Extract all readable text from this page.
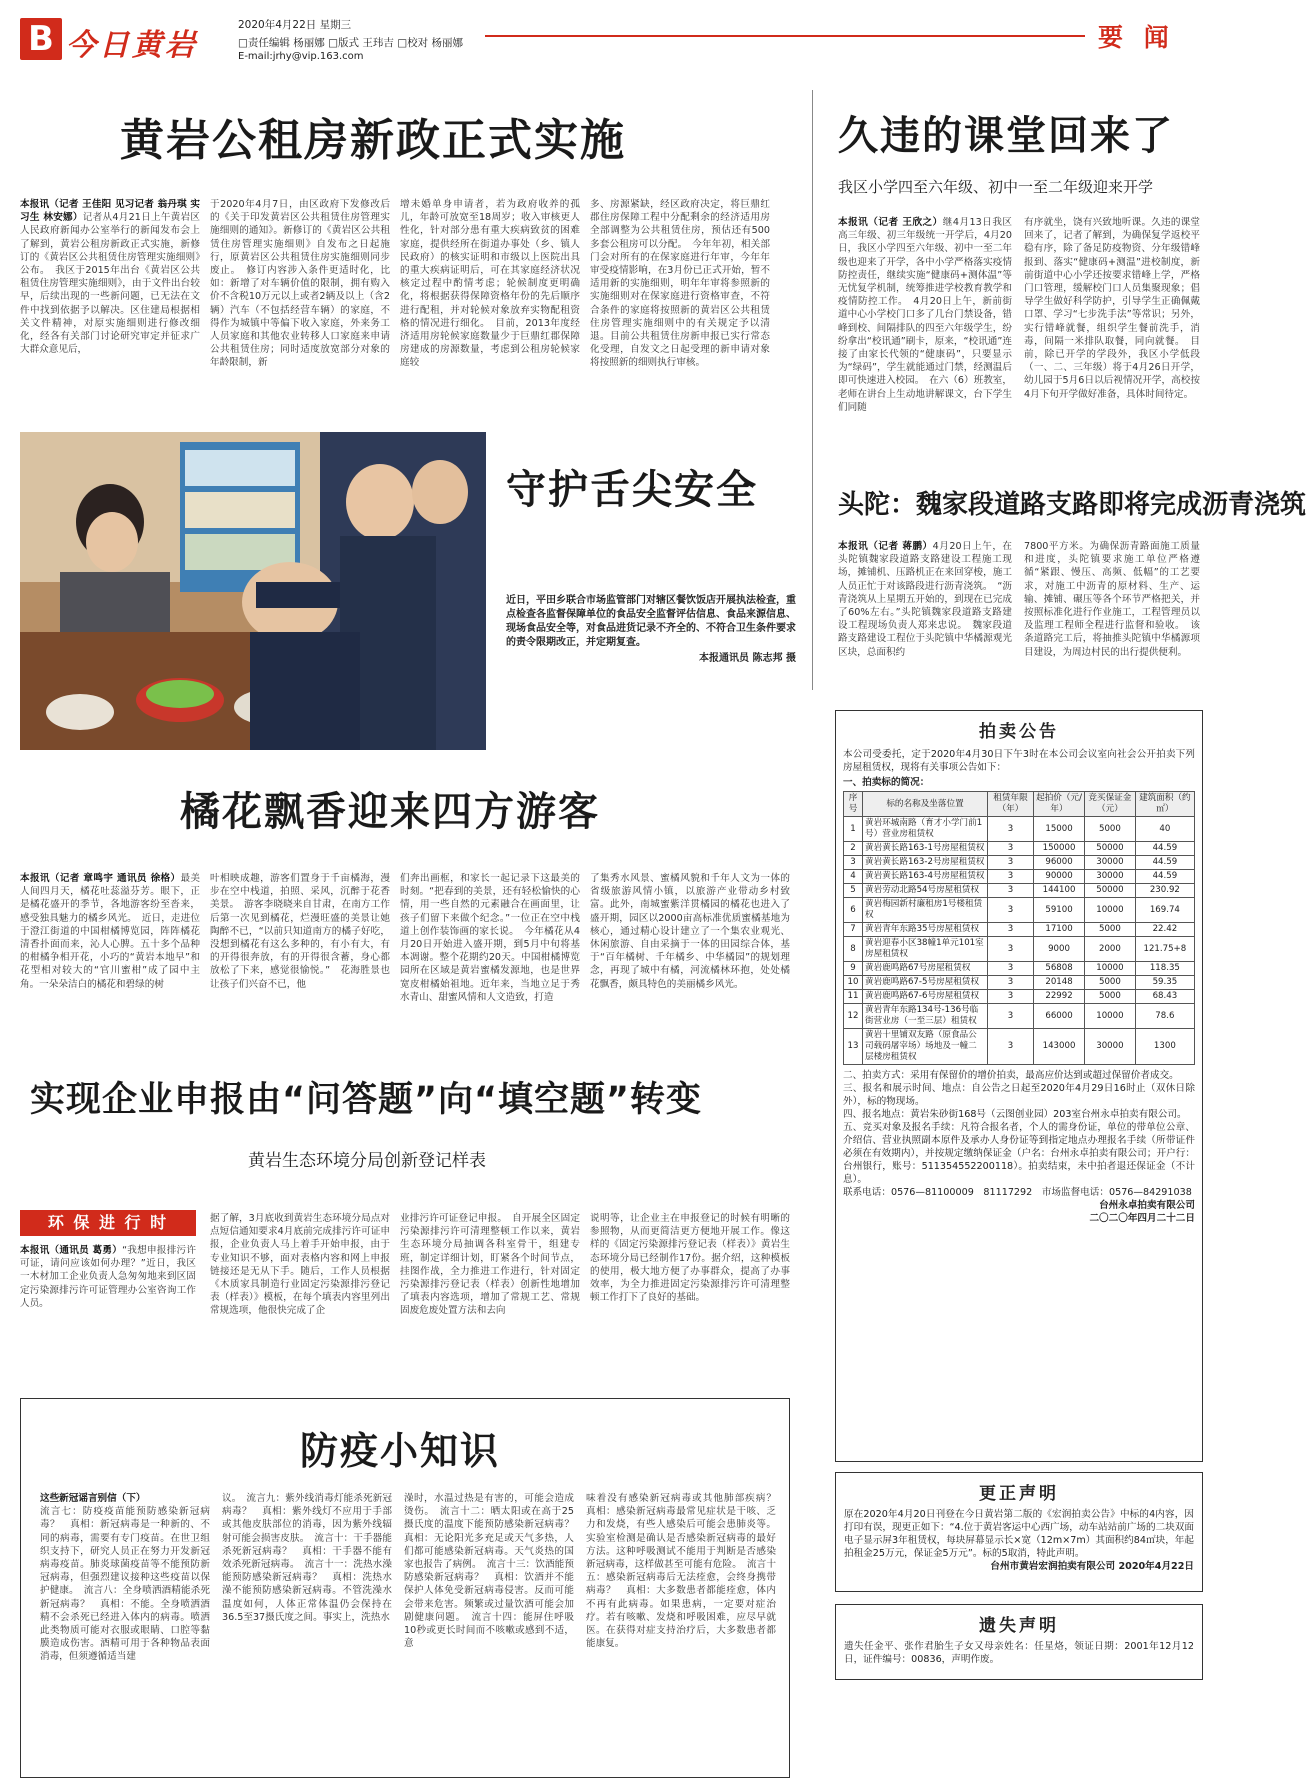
B 今日黄岩
2020年4月22日 星期三
□责任编辑 杨丽娜 □版式 王玮吉 □校对 杨丽娜
E-mail:jrhy@vip.163.com
要 闻
黄岩公租房新政正式实施
本报讯（记者 王佳阳 见习记者 翁丹琪 实习生 林安娜）记者从4月21日上午黄岩区人民政府新闻办公室举行的新闻发布会上了解到，黄岩公租房新政正式实施，新修订的《黄岩区公共租赁住房管理实施细则》公布。　我区于2015年出台《黄岩区公共租赁住房管理实施细则》，由于文件出台较早，后续出现的一些新问题，已无法在文件中找到依据予以解决。区住建局根据相关文件精神，对原实施细则进行修改细化，经各有关部门讨论研究审定并征求广大群众意见后，
于2020年4月7日，由区政府下发修改后的《关于印发黄岩区公共租赁住房管理实施细则的通知》。新修订的《黄岩区公共租赁住房管理实施细则》自发布之日起施行，原黄岩区公共租赁住房实施细则同步废止。　修订内容涉入条件更适时化，比如：新增了对车辆价值的限制，拥有购入价不含税10万元以上或者2辆及以上（含2辆）汽车（不包括经营车辆）的家庭，不得作为城镇中等偏下收入家庭，外来务工人员家庭和其他农业转移人口家庭来申请公共租赁住房；同时适度放宽部分对象的年龄限制，新
增未婚单身申请者，若为政府收养的孤儿，年龄可放宽至18周岁；收入审核更人性化，针对部分患有重大疾病致贫的困难家庭，提供经所在街道办事处（乡、镇人民政府）的核实证明和市级以上医院出具的重大疾病证明后，可在其家庭经济状况核定过程中酌情考虑；轮候制度更明确化，将根据获得保障资格年份的先后顺序进行配租，并对轮候对象放弃实物配租资格的情况进行细化。　目前，2013年度经济适用房轮候家庭数量少于巨鼎红郡保障房建成的房源数量，考虑到公租房轮候家庭较
多、房源紧缺，经区政府决定，将巨鼎红郡住房保障工程中分配剩余的经济适用房全部调整为公共租赁住房，预估还有500多套公租房可以分配。　今年年初，相关部门会对所有的在保家庭进行年审，今年年审受疫情影响，在3月份已正式开始，暂不适用新的实施细则，明年年审将参照新的实施细则对在保家庭进行资格审查，不符合条件的家庭将按照新的黄岩区公共租赁住房管理实施细则中的有关规定予以清退。目前公共租赁住房新申报已实行常态化受理，自发文之日起受理的新申请对象将按照新的细则执行审核。
久违的课堂回来了
我区小学四至六年级、初中一至二年级迎来开学
本报讯（记者 王欣之）继4月13日我区高三年级、初三年级统一开学后，4月20日，我区小学四至六年级、初中一至二年级也迎来了开学，各中小学严格落实疫情防控责任，继续实施“健康码+测体温”等无忧复学机制，统筹推进学校教育教学和疫情防控工作。　4月20日上午，新前街道中心小学校门口多了几台门禁设备，错峰到校、间隔排队的四至六年级学生，纷纷拿出“校讯通”刷卡，原来，“校讯通”连接了由家长代领的“健康码”，只要显示为“绿码”，学生就能通过门禁，经测温后即可快速进入校园。　在六（6）班教室，老师在讲台上生动地讲解课文，台下学生们同随
有序就坐，饶有兴致地听课。久违的课堂回来了，记者了解到，为确保复学返校平稳有序，除了备足防疫物资、分年级错峰报到、落实“健康码+测温”进校制度，新前街道中心小学还按要求错峰上学，严格门口管理，缓解校门口人员集聚现象；倡导学生做好科学防护，引导学生正确佩戴口罩、学习“七步洗手法”等常识；另外，实行错峰就餐，组织学生餐前洗手，消毒，间隔一米排队取餐，同向就餐。　目前，除已开学的学段外，我区小学低段（一、二、三年级）将于4月26日开学，幼儿园于5月6日以后视情况开学，高校按4月下旬开学做好准备，具体时间待定。
守护舌尖安全
近日，平田乡联合市场监管部门对辖区餐饮饭店开展执法检查，重点检查各监督保障单位的食品安全监督评估信息、食品来源信息、现场食品安全等，对食品进货记录不齐全的、不符合卫生条件要求的责令限期改正，并定期复查。
本报通讯员 陈志邦 摄
头陀：魏家段道路支路即将完成沥青浇筑
本报讯（记者 蒋鹏）4月20日上午，在头陀镇魏家段道路支路建设工程施工现场，摊铺机、压路机正在来回穿梭，施工人员正忙于对该路段进行沥青浇筑。　“沥青浇筑从上星期五开始的，到现在已完成了60%左右。”头陀镇魏家段道路支路建设工程现场负责人郑来忠说。　魏家段道路支路建设工程位于头陀镇中华橘源观光区块，总面积约
7800平方米。为确保沥青路面施工质量和进度，头陀镇要求施工单位严格遵循“紧跟、慢压、高频、低幅”的工艺要求，对施工中沥青的原材料、生产、运输、摊铺、碾压等各个环节严格把关，并按照标准化进行作业施工，工程管理员以及监理工程师全程进行监督和验收。　该条道路完工后，将抽推头陀镇中华橘源项目建设，为周边村民的出行提供便利。
橘花飘香迎来四方游客
本报讯（记者 章鸣宇 通讯员 徐格）最美人间四月天，橘花吐蕊溢芬芳。眼下，正是橘花盛开的季节，各地游客纷至沓来，感受独具魅力的橘乡风光。　近日，走进位于澄江街道的中国柑橘博览园，阵阵橘花清香扑面而来，沁人心脾。五十多个品种的柑橘争相开花，小巧的“黄岩本地早”和花型相对较大的“官川蜜柑”成了园中主角。一朵朵洁白的橘花和碧绿的树
叶相映成趣，游客们置身于千亩橘海，漫步在空中栈道，拍照、采风，沉醉于花香美景。　游客李晓晓来自甘肃，在南方工作后第一次见到橘花，烂漫旺盛的美景让她陶醉不已，“以前只知道南方的橘子好吃，没想到橘花有这么多种的，有小有大，有的开得很奔放，有的开得很含蓄，身心都放松了下来，感觉很愉悦。”　花海胜景也让孩子们兴奋不已，他
们奔出画框，和家长一起记录下这最美的时刻。“把春到的美景，还有轻松愉快的心情，用一些自然的元素融合在画面里，让孩子们留下来做个纪念。”一位正在空中栈道上创作装饰画的家长说。　今年橘花从4月20日开始进入盛开期，到5月中旬将基本凋谢。整个花期约20天。中国柑橘博览园所在区域是黄岩蜜橘发源地，也是世界宽皮柑橘始祖地。近年来，当地立足于秀水青山、甜蜜风情和人文造致，打造
了集秀水风景、蜜橘风貌和千年人文为一体的省级旅游风情小镇，以旅游产业带动乡村致富。此外，南城蜜紫洋贯橘园的橘花也进入了盛开期，园区以2000亩高标准优质蜜橘基地为核心，通过精心设计建立了一个集农业观光、休闲旅游、自由采摘于一体的田园综合体，基于“百年橘树、千年橘乡、中华橘园”的规划理念，再现了城中有橘，河流橘林环抱，处处橘花飘香，颇具特色的美丽橘乡风光。
实现企业申报由“问答题”向“填空题”转变
黄岩生态环境分局创新登记样表
环 保 进 行 时
本报讯（通讯员 葛勇）“我想申报排污许可证，请问应该如何办理？”近日，我区一木材加工企业负责人急匆匆地来到区固定污染源排污许可证管理办公室咨询工作人员。
据了解，3月底收到黄岩生态环境分局点对点短信通知要求4月底前完成排污许可证申报，企业负责人马上着手开始申报，由于专业知识不够，面对表格内容和网上申报链接还是无从下手。随后，工作人员根据《木质家具制造行业固定污染源排污登记表（样表）》模板，在每个填表内容里列出常规选项，他很快完成了企
业排污许可证登记申报。　自开展全区固定污染源排污许可清理整顿工作以来，黄岩生态环境分局抽调各科室骨干，组建专班，制定详细计划，盯紧各个时间节点，挂图作战，全力推进工作进行，针对固定污染源排污登记表（样表）创新性地增加了填表内容选项，增加了常规工艺、常规固废危废处置方法和去向
说明等，让企业主在申报登记的时候有明晰的参照物，从而更简洁更方便地开展工作。像这样的《固定污染源排污登记表（样表）》黄岩生态环境分局已经制作17份。据介绍，这种模板的使用，极大地方便了办事群众，提高了办事效率，为全力推进固定污染源排污许可清理整顿工作打下了良好的基础。
防疫小知识
这些新冠谣言别信（下）
流言七：防疫疫苗能预防感染新冠病毒？　真相：新冠病毒是一种新的、不同的病毒，需要有专门疫苗。在世卫组织支持下，研究人员正在努力开发新冠病毒疫苗。肺炎球菌疫苗等不能预防新冠病毒，但强烈建议接种这些疫苗以保护健康。　流言八：全身喷洒酒精能杀死新冠病毒？　真相：不能。全身喷洒酒精不会杀死已经进入体内的病毒。喷洒此类物质可能对衣服或眼睛、口腔等黏膜造成伤害。酒精可用于各种物品表面消毒，但须遵循适当建
议。　流言九：紫外线消毒灯能杀死新冠病毒？　真相：紫外线灯不应用于手部或其他皮肤部位的消毒，因为紫外线辐射可能会损害皮肤。　流言十：干手器能杀死新冠病毒？　真相：干手器不能有效杀死新冠病毒。　流言十一：洗热水澡能预防感染新冠病毒？　真相：洗热水澡不能预防感染新冠病毒。不管洗澡水温度如何，人体正常体温仍会保持在36.5至37摄氏度之间。事实上，洗热水
澡时，水温过热是有害的，可能会造成烫伤。　流言十二：晒太阳或在高于25摄氏度的温度下能预防感染新冠病毒？　真相：无论阳光多充足或天气多热，人们都可能感染新冠病毒。天气炎热的国家也报告了病例。　流言十三：饮酒能预防感染新冠病毒？　真相：饮酒并不能保护人体免受新冠病毒侵害。反而可能会带来危害。频繁或过量饮酒可能会加剧健康问题。　流言十四：能屏住呼吸10秒或更长时间而不咳嗽或感到不适，意
味着没有感染新冠病毒或其他肺部疾病？　真相：感染新冠病毒最常见症状是干咳、乏力和发烧，有些人感染后可能会患肺炎等。实验室检测是确认是否感染新冠病毒的最好方法。这种呼吸测试不能用于判断是否感染新冠病毒，这样做甚至可能有危险。　流言十五：感染新冠病毒后无法痊愈，会终身携带病毒？　真相：大多数患者都能痊愈，体内不再有此病毒。如果患病，一定要对症治疗。若有咳嗽、发烧和呼吸困难，应尽早就医。在获得对症支持治疗后，大多数患者都能康复。
拍卖公告
本公司受委托，定于2020年4月30日下午3时在本公司会议室向社会公开拍卖下列房屋租赁权，现将有关事项公告如下：
一、拍卖标的简况：
序号	标的名称及坐落位置	租赁年限（年）	起拍价（元/年）	竞买保证金（元）	建筑面积（约㎡）
1	黄岩环城南路（育才小学门前1号）营业房租赁权	3	15000	5000	40
2	黄岩黄长路163-1号房屋租赁权	3	150000	50000	44.59
3	黄岩黄长路163-2号房屋租赁权	3	96000	30000	44.59
4	黄岩黄长路163-4号房屋租赁权	3	90000	30000	44.59
5	黄岩劳动北路54号房屋租赁权	3	144100	50000	230.92
6	黄岩梅园新村廉租房1号楼租赁权	3	59100	10000	169.74
7	黄岩青年东路35号房屋租赁权	3	17100	5000	22.42
8	黄岩迎春小区38幢1单元101室房屋租赁权	3	9000	2000	121.75+8
9	黄岩鹿鸣路67号房屋租赁权	3	56808	10000	118.35
10	黄岩鹿鸣路67-5号房屋租赁权	3	20148	5000	59.35
11	黄岩鹿鸣路67-6号房屋租赁权	3	22992	5000	68.43
12	黄岩青年东路134号-136号临街营业房（一至三层）租赁权	3	66000	10000	78.6
13	黄岩十里铺双友路（原食品公司载码屠宰场）场地及一幢二层楼房租赁权	3	143000	30000	1300
二、拍卖方式：采用有保留价的增价拍卖，最高应价达到或超过保留价者成交。
三、报名和展示时间、地点：自公告之日起至2020年4月29日16时止（双休日除外），标的物现场。
四、报名地点：黄岩朱砂街168号（云图创业园）203室台州永卓拍卖有限公司。
五、竞买对象及报名手续：凡符合报名者，个人的需身份证，单位的带单位公章、介绍信、营业执照副本原件及承办人身份证等到指定地点办理报名手续（所带证件必须在有效期内），并按规定缴纳保证金（户名：台州永卓拍卖有限公司；开户行：台州银行，账号：511354552200118）。拍卖结束，未中拍者退还保证金（不计息）。
联系电话：0576—81100009　81117292　市场监督电话：0576—84291038
台州永卓拍卖有限公司
二〇二〇年四月二十二日
更正声明
原在2020年4月20日刊登在今日黄岩第二版的《宏润拍卖公告》中标的4内容，因打印有误，现更正如下：“4.位于黄岩客运中心西广场，动车站站前广场的二块双面电子显示屏3年租赁权，每块屏幕显示长×宽（12m×7m）其面积约84㎡块，年起拍租金25万元，保证金5万元”。标的5取消，特此声明。
台州市黄岩宏润拍卖有限公司 2020年4月22日
遗失声明
遗失任金平、张作君胎生子女又母亲姓名：任星烙，领证日期：2001年12月12日，证件编号：00836，声明作废。
